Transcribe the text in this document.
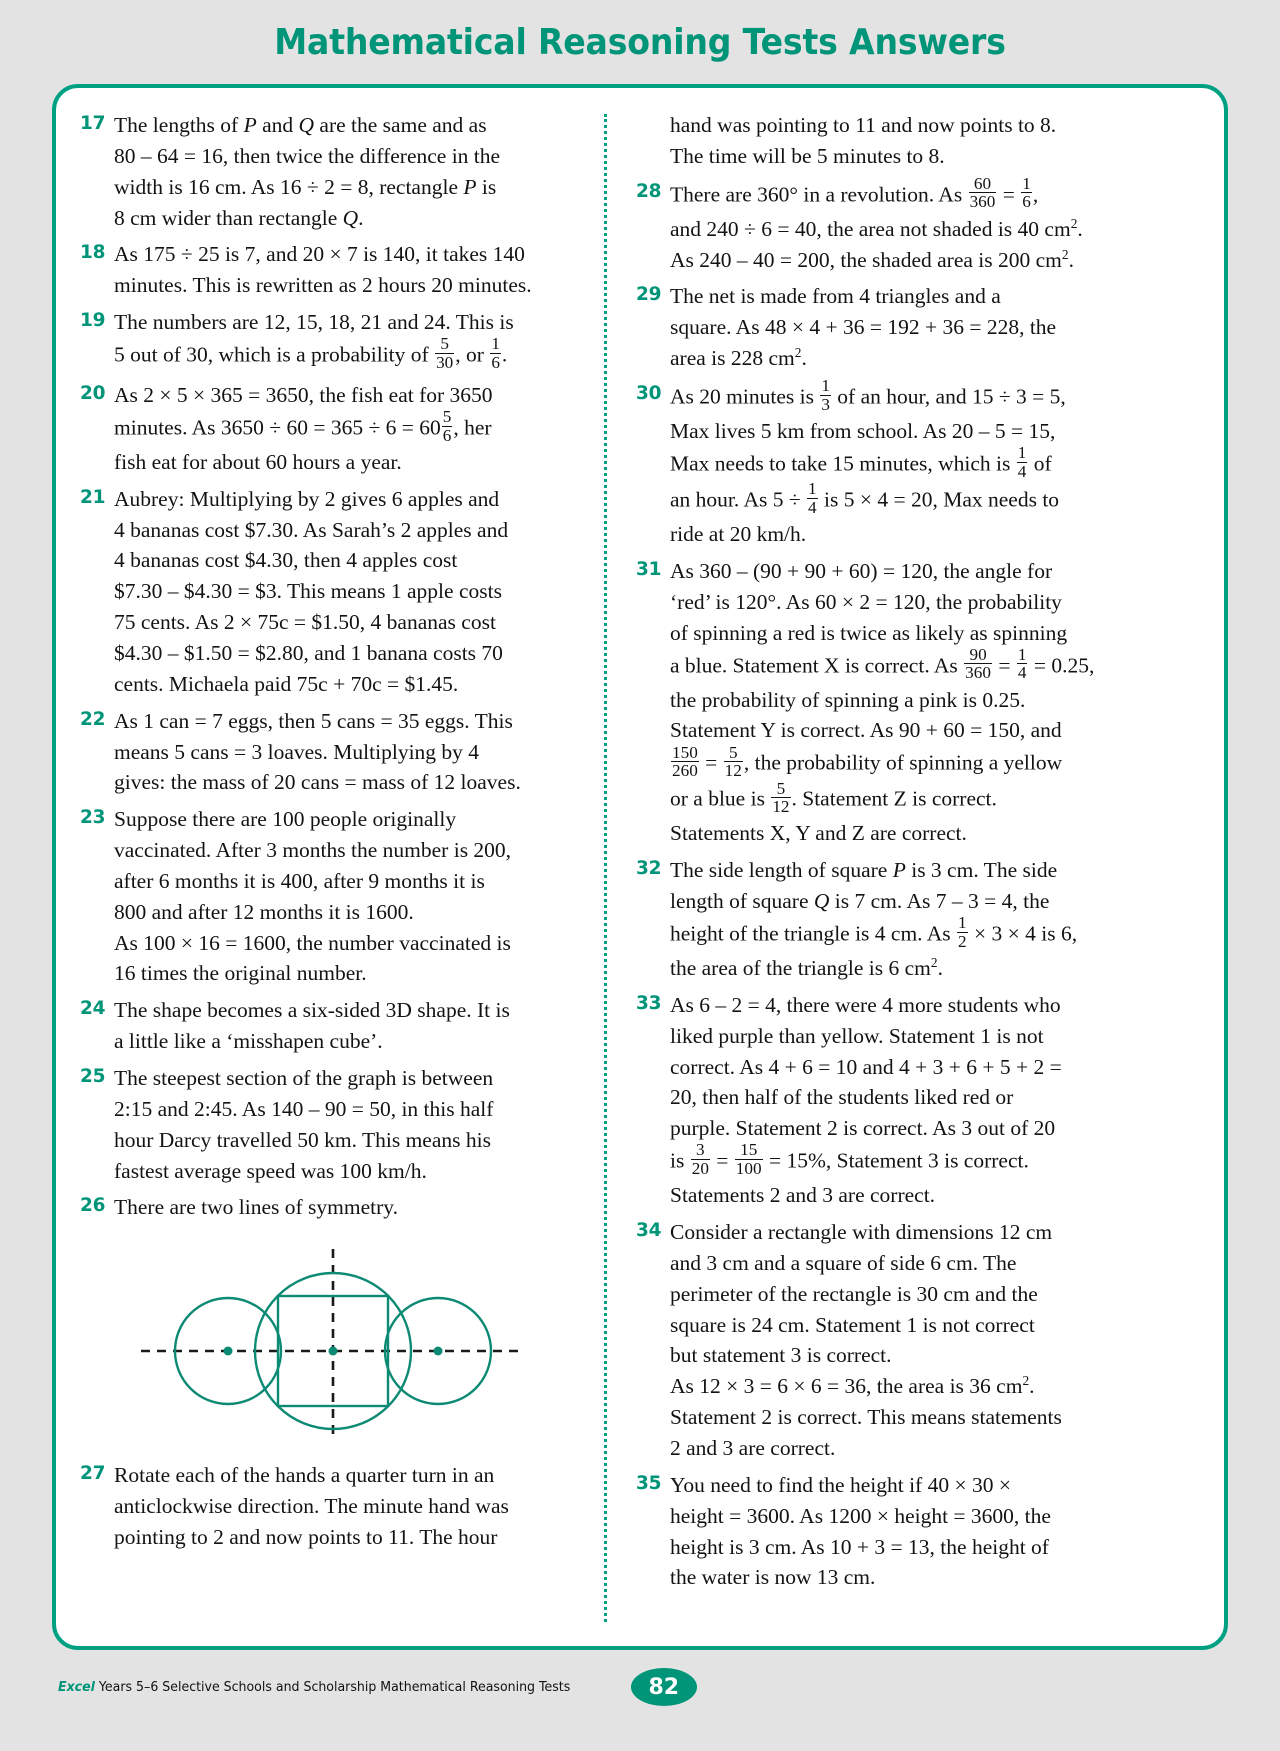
Mathematical Reasoning Tests Answers
17 The lengths of P and Q are the same and as
80 – 64 = 16, then twice the difference in the
width is 16 cm. As 16 ÷ 2 = 8, rectangle P is
8 cm wider than rectangle Q.
18 As 175 ÷ 25 is 7, and 20 × 7 is 140, it takes 140
minutes. This is rewritten as 2 hours 20 minutes.
19 The numbers are 12, 15, 18, 21 and 24. This is
5 out of 30, which is a probability of $\frac{5}{30}$ , or $\frac{1}{6}$ .
20 As 2 × 5 × 365 = 3650, the fish eat for 3650
minutes. As $3650 \div 60 = 365 \div 6 = 60 \frac{5}{6}$ , her
fish eat for about 60 hours a year.
21 Aubrey: Multiplying by 2 gives 6 apples and
4 bananas cost $7.30. As Sarah’s 2 apples and
4 bananas cost $4.30, then 4 apples cost
$7.30 – $4.30 = $3. This means 1 apple costs
75 cents. As 2 × 75c = $1.50, 4 bananas cost
$4.30 – $1.50 = $2.80, and 1 banana costs 70
cents. Michaela paid 75c + 70c = $1.45.
22 As 1 can = 7 eggs, then 5 cans = 35 eggs. This
means 5 cans = 3 loaves. Multiplying by 4
gives: the mass of 20 cans = mass of 12 loaves.
23 Suppose there are 100 people originally
vaccinated. After 3 months the number is 200,
after 6 months it is 400, after 9 months it is
800 and after 12 months it is 1600.
As 100 × 16 = 1600, the number vaccinated is
16 times the original number.
24 The shape becomes a six-sided 3D shape. It is
a little like a ‘misshapen cube’.
25 The steepest section of the graph is between
2:15 and 2:45. As 140 – 90 = 50, in this half
hour Darcy travelled 50 km. This means his
fastest average speed was 100 km/h.
26 There are two lines of symmetry.
27 Rotate each of the hands a quarter turn in an
anticlockwise direction. The minute hand was
pointing to 2 and now points to 11. The hour
hand was pointing to 11 and now points to 8.
The time will be 5 minutes to 8.
28 There are 360° in a revolution. As $\frac{60}{360} = \frac{1}{6}$ ,
and 240 ÷ 6 = 40, the area not shaded is 40 $cm^2$.
As 240 – 40 = 200, the shaded area is 200 $cm^2$.
29 The net is made from 4 triangles and a
square. As 48 × 4 + 36 = 192 + 36 = 228, the
area is 228 $cm^2$.
30 As 20 minutes is $\frac{1}{3}$ of an hour, and 15 ÷ 3 = 5,
Max lives 5 km from school. As 20 – 5 = 15,
Max needs to take 15 minutes, which is $\frac{1}{4}$ of
an hour. As $5 \div \frac{1}{4}$ is 5 × 4 = 20, Max needs to
ride at 20 km/h.
31 As 360 – (90 + 90 + 60) = 120, the angle for
‘red’ is 120°. As 60 × 2 = 120, the probability
of spinning a red is twice as likely as spinning
a blue. Statement X is correct. As $\frac{90}{360} = \frac{1}{4} = 0.25$,
the probability of spinning a pink is 0.25.
Statement Y is correct. As 90 + 60 = 150, and
$\frac{150}{260} = \frac{5}{12}$ , the probability of spinning a yellow
or a blue is $\frac{5}{12}$ . Statement Z is correct.
Statements X, Y and Z are correct.
32 The side length of square P is 3 cm. The side
length of square Q is 7 cm. As 7 – 3 = 4, the
height of the triangle is 4 cm. As $\frac{1}{2} \times 3 \times 4$ is 6,
the area of the triangle is 6 $cm^2$.
33 As 6 – 2 = 4, there were 4 more students who
liked purple than yellow. Statement 1 is not
correct. As 4 + 6 = 10 and 4 + 3 + 6 + 5 + 2 =
20, then half of the students liked red or
purple. Statement 2 is correct. As 3 out of 20
is $\frac{3}{20} = \frac{15}{100} = 15\%$, Statement 3 is correct.
Statements 2 and 3 are correct.
34 Consider a rectangle with dimensions 12 cm
and 3 cm and a square of side 6 cm. The
perimeter of the rectangle is 30 cm and the
square is 24 cm. Statement 1 is not correct
but statement 3 is correct.
As 12 × 3 = 6 × 6 = 36, the area is 36 $cm^2$.
Statement 2 is correct. This means statements
2 and 3 are correct.
35 You need to find the height if 40 × 30 ×
height = 3600. As 1200 × height = 3600, the
height is 3 cm. As 10 + 3 = 13, the height of
the water is now 13 cm.
Excel Years 5–6 Selective Schools and Scholarship Mathematical Reasoning Tests	82
